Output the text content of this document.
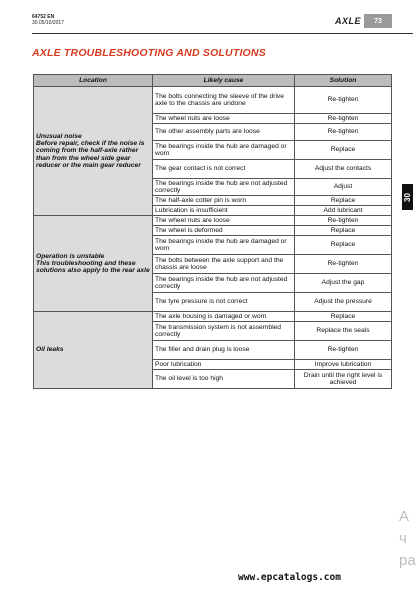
64752 EN
30.05/10/2017	AXLE	73
AXLE TROUBLESHOOTING AND SOLUTIONS
30
Location	Likely cause	Solution
Unusual noise
Before repair, check if the noise is coming from the half-axle rather than from the wheel side gear reducer or the main gear reducer	The bolts connecting the sleeve of the drive axle to the chassis are undone	Re-tighten
	The wheel nuts are loose	Re-tighten
	The other assembly parts are loose	Re-tighten
	The bearings inside the hub are damaged or worn	Replace
	The gear contact is not correct	Adjust the contacts
	The bearings inside the hub are not adjusted correctly	Adjust
	The half-axle cotter pin is worn	Replace
	Lubrication is insufficient	Add lubricant
Operation is unstable
This troubleshooting and these solutions also apply to the rear axle	The wheel nuts are loose	Re-tighten
	The wheel is deformed	Replace
	The bearings inside the hub are damaged or worn	Replace
	The bolts between the axle support and the chassis are loose	Re-tighten
	The bearings inside the hub are not adjusted correctly	Adjust the gap
	The tyre pressure is not correct	Adjust the pressure
Oil leaks	The axle housing is damaged or worn	Replace
	The transmission system is not assembled correctly	Replace the seals
	The filler and drain plug is loose	Re-tighten
	Poor lubrication	Improve lubrication
	The oil level is too high	Drain until the right level is achieved
А
ч
ра
www.epcatalogs.com
